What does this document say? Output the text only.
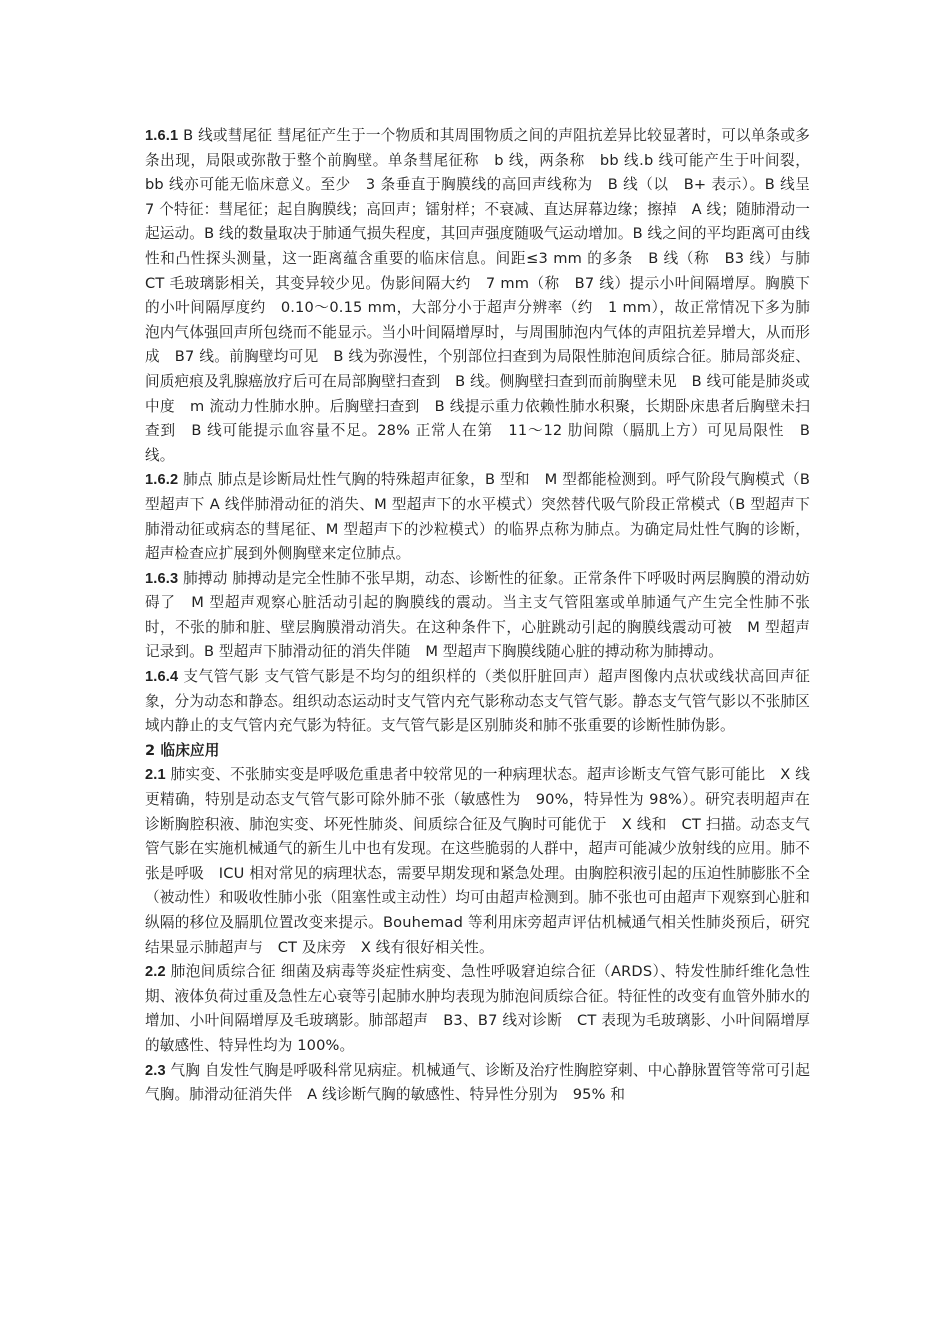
1.6.1 B 线或彗尾征 彗尾征产生于一个物质和其周围物质之间的声阻抗差异比较显著时，可以单条或多条出现，局限或弥散于整个前胸壁。单条彗尾征称　b 线，两条称　bb 线.b 线可能产生于叶间裂，bb 线亦可能无临床意义。至少　3 条垂直于胸膜线的高回声线称为　B 线（以　B+ 表示）。B 线呈　7 个特征：彗尾征；起自胸膜线；高回声；镭射样；不衰减、直达屏幕边缘；擦掉　A 线；随肺滑动一起运动。B 线的数量取决于肺通气损失程度，其回声强度随吸气运动增加。B 线之间的平均距离可由线性和凸性探头测量，这一距离蕴含重要的临床信息。间距≤3 mm 的多条　B 线（称　B3 线）与肺　CT 毛玻璃影相关，其变异较少见。伪影间隔大约　7 mm（称　B7 线）提示小叶间隔增厚。胸膜下的小叶间隔厚度约　0.10～0.15 mm，大部分小于超声分辨率（约　1 mm），故正常情况下多为肺泡内气体强回声所包绕而不能显示。当小叶间隔增厚时，与周围肺泡内气体的声阻抗差异增大，从而形成　B7 线。前胸壁均可见　B 线为弥漫性，个别部位扫查到为局限性肺泡间质综合征。肺局部炎症、间质疤痕及乳腺癌放疗后可在局部胸壁扫查到　B 线。侧胸壁扫查到而前胸壁未见　B 线可能是肺炎或中度　m 流动力性肺水肿。后胸壁扫查到　B 线提示重力依赖性肺水积聚，长期卧床患者后胸壁未扫查到　B 线可能提示血容量不足。28% 正常人在第　11～12 肋间隙（膈肌上方）可见局限性　B 线。

1.6.2 肺点 肺点是诊断局灶性气胸的特殊超声征象，B 型和　M 型都能检测到。呼气阶段气胸模式（B 型超声下 A 线伴肺滑动征的消失、M 型超声下的水平模式）突然替代吸气阶段正常模式（B 型超声下肺滑动征或病态的彗尾征、M 型超声下的沙粒模式）的临界点称为肺点。为确定局灶性气胸的诊断，超声检查应扩展到外侧胸壁来定位肺点。

1.6.3 肺搏动 肺搏动是完全性肺不张早期，动态、诊断性的征象。正常条件下呼吸时两层胸膜的滑动妨碍了　M 型超声观察心脏活动引起的胸膜线的震动。当主支气管阻塞或单肺通气产生完全性肺不张时，不张的肺和脏、壁层胸膜滑动消失。在这种条件下，心脏跳动引起的胸膜线震动可被　M 型超声记录到。B 型超声下肺滑动征的消失伴随　M 型超声下胸膜线随心脏的搏动称为肺搏动。

1.6.4 支气管气影 支气管气影是不均匀的组织样的（类似肝脏回声）超声图像内点状或线状高回声征象，分为动态和静态。组织动态运动时支气管内充气影称动态支气管气影。静态支气管气影以不张肺区域内静止的支气管内充气影为特征。支气管气影是区别肺炎和肺不张重要的诊断性肺伪影。

2 临床应用

2.1 肺实变、不张肺实变是呼吸危重患者中较常见的一种病理状态。超声诊断支气管气影可能比　X 线更精确，特别是动态支气管气影可除外肺不张（敏感性为　90%，特异性为 98%）。研究表明超声在诊断胸腔积液、肺泡实变、坏死性肺炎、间质综合征及气胸时可能优于　X 线和　CT 扫描。动态支气管气影在实施机械通气的新生儿中也有发现。在这些脆弱的人群中，超声可能减少放射线的应用。肺不张是呼吸　ICU 相对常见的病理状态，需要早期发现和紧急处理。由胸腔积液引起的压迫性肺膨胀不全（被动性）和吸收性肺小张（阻塞性或主动性）均可由超声检测到。肺不张也可由超声下观察到心脏和纵隔的移位及膈肌位置改变来提示。Bouhemad 等利用床旁超声评估机械通气相关性肺炎预后，研究结果显示肺超声与　CT 及床旁　X 线有很好相关性。

2.2 肺泡间质综合征 细菌及病毒等炎症性病变、急性呼吸窘迫综合征（ARDS）、特发性肺纤维化急性期、液体负荷过重及急性左心衰等引起肺水肿均表现为肺泡间质综合征。特征性的改变有血管外肺水的增加、小叶间隔增厚及毛玻璃影。肺部超声　B3、B7 线对诊断　CT 表现为毛玻璃影、小叶间隔增厚的敏感性、特异性均为 100%。

2.3 气胸 自发性气胸是呼吸科常见病症。机械通气、诊断及治疗性胸腔穿刺、中心静脉置管等常可引起气胸。肺滑动征消失伴　A 线诊断气胸的敏感性、特异性分别为　95% 和
